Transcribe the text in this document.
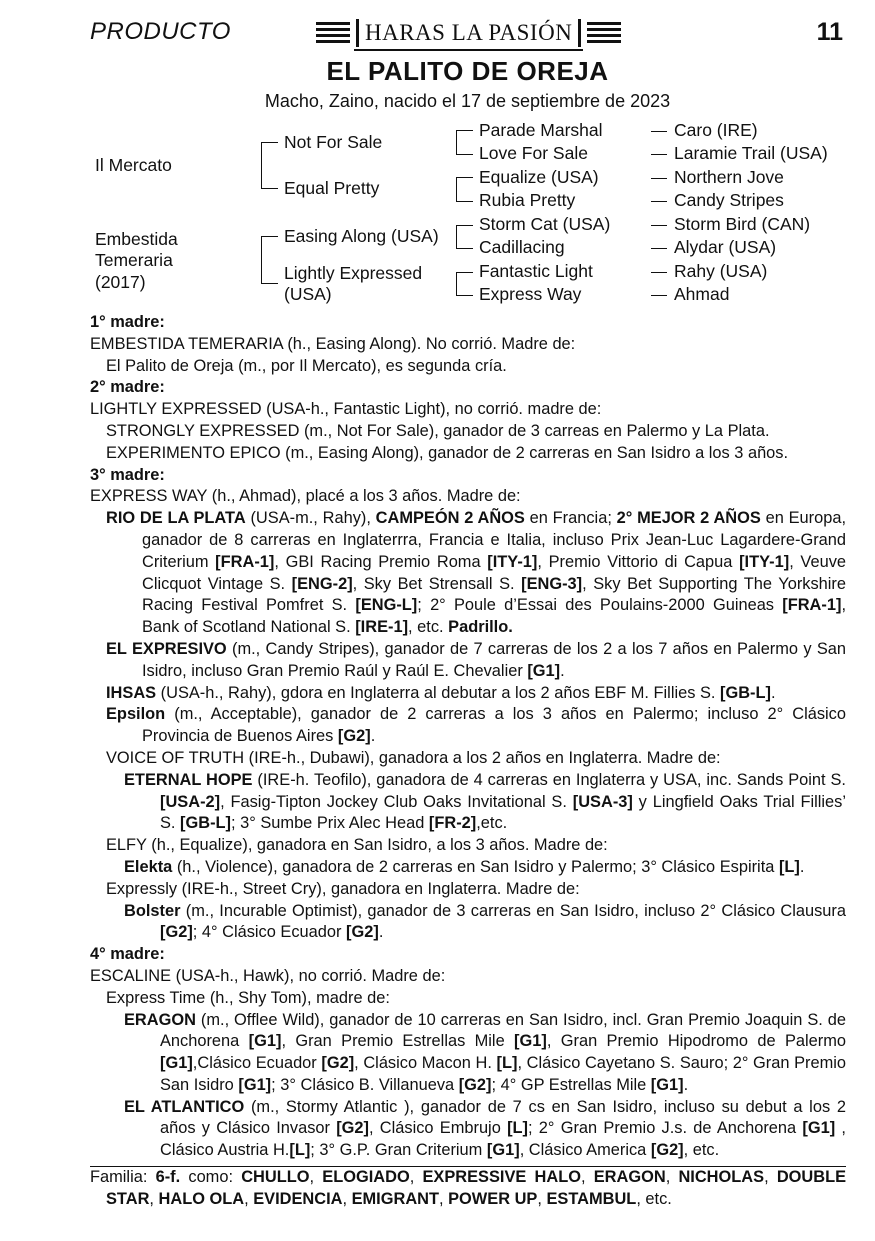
PRODUCTO	HARAS LA PASIÓN	11
EL PALITO DE OREJA
Macho, Zaino, nacido el 17 de septiembre de 2023
Il Mercato
Embestida
Temeraria
(2017)
Not For Sale
Equal Pretty
Easing Along (USA)
Lightly Expressed
(USA)
Parade Marshal
Love For Sale
Equalize (USA)
Rubia Pretty
Storm Cat (USA)
Cadillacing
Fantastic Light
Express Way
Caro (IRE)
Laramie Trail (USA)
Northern Jove
Candy Stripes
Storm Bird (CAN)
Alydar (USA)
Rahy (USA)
Ahmad

1° madre:

EMBESTIDA TEMERARIA (h., Easing Along). No corrió. Madre de:

El Palito de Oreja (m., por Il Mercato), es segunda cría.

2° madre:

LIGHTLY EXPRESSED (USA-h., Fantastic Light), no corrió. madre de:

STRONGLY EXPRESSED (m., Not For Sale), ganador de 3 carreas en Palermo y La Plata.

EXPERIMENTO EPICO (m., Easing Along), ganador de 2 carreras en San Isidro a los 3 años.

3° madre:

EXPRESS WAY (h., Ahmad), placé a los 3 años. Madre de:

RIO DE LA PLATA (USA-m., Rahy), CAMPEÓN 2 AÑOS en Francia; 2° MEJOR 2 AÑOS en Europa, ganador de 8 carreras en Inglaterrra, Francia e Italia, incluso Prix Jean-Luc Lagardere-Grand Criterium [FRA-1], GBI Racing Premio Roma [ITY-1], Premio Vittorio di Capua [ITY-1], Veuve Clicquot Vintage S. [ENG-2], Sky Bet Strensall S. [ENG-3], Sky Bet Supporting The Yorkshire Racing Festival Pomfret S. [ENG-L]; 2° Poule d’Essai des Poulains-2000 Guineas [FRA-1], Bank of Scotland National S. [IRE-1], etc. Padrillo.

EL EXPRESIVO (m., Candy Stripes), ganador de 7 carreras de los 2 a los 7 años en Palermo y San Isidro, incluso Gran Premio Raúl y Raúl E. Chevalier [G1].

IHSAS (USA-h., Rahy), gdora en Inglaterra al debutar a los 2 años EBF M. Fillies S. [GB-L].

Epsilon (m., Acceptable), ganador de 2 carreras a los 3 años en Palermo; incluso 2° Clásico Provincia de Buenos Aires [G2].

VOICE OF TRUTH (IRE-h., Dubawi), ganadora a los 2 años en Inglaterra. Madre de:

ETERNAL HOPE (IRE-h. Teofilo), ganadora de 4 carreras en Inglaterra y USA, inc. Sands Point S.[USA-2], Fasig-Tipton Jockey Club Oaks Invitational S. [USA-3] y Lingfield Oaks Trial Fillies’ S. [GB-L]; 3° Sumbe Prix Alec Head [FR-2],etc.

ELFY (h., Equalize), ganadora en San Isidro, a los 3 años. Madre de:

Elekta (h., Violence), ganadora de 2 carreras en San Isidro y Palermo; 3° Clásico Espirita [L].

Expressly (IRE-h., Street Cry), ganadora en Inglaterra. Madre de:

Bolster (m., Incurable Optimist), ganador de 3 carreras en San Isidro, incluso 2° Clásico Clausura [G2]; 4° Clásico Ecuador [G2].

4° madre:

ESCALINE (USA-h., Hawk), no corrió. Madre de:

Express Time (h., Shy Tom), madre de:

ERAGON (m., Offlee Wild), ganador de 10 carreras en San Isidro, incl. Gran Premio Joaquin S. de Anchorena [G1], Gran Premio Estrellas Mile [G1], Gran Premio Hipodromo de Palermo [G1],Clásico Ecuador [G2], Clásico Macon H. [L], Clásico Cayetano S. Sauro; 2° Gran Premio San Isidro [G1]; 3° Clásico B. Villanueva [G2]; 4° GP Estrellas Mile [G1].

EL ATLANTICO (m., Stormy Atlantic ), ganador de 7 cs en San Isidro, incluso su debut a los 2 años y Clásico Invasor [G2], Clásico Embrujo [L]; 2° Gran Premio J.s. de Anchorena [G1] , Clásico Austria H.[L]; 3° G.P. Gran Criterium [G1], Clásico America [G2], etc.

Familia: 6-f. como: CHULLO, ELOGIADO, EXPRESSIVE HALO, ERAGON, NICHOLAS, DOUBLE STAR, HALO OLA, EVIDENCIA, EMIGRANT, POWER UP, ESTAMBUL, etc.
